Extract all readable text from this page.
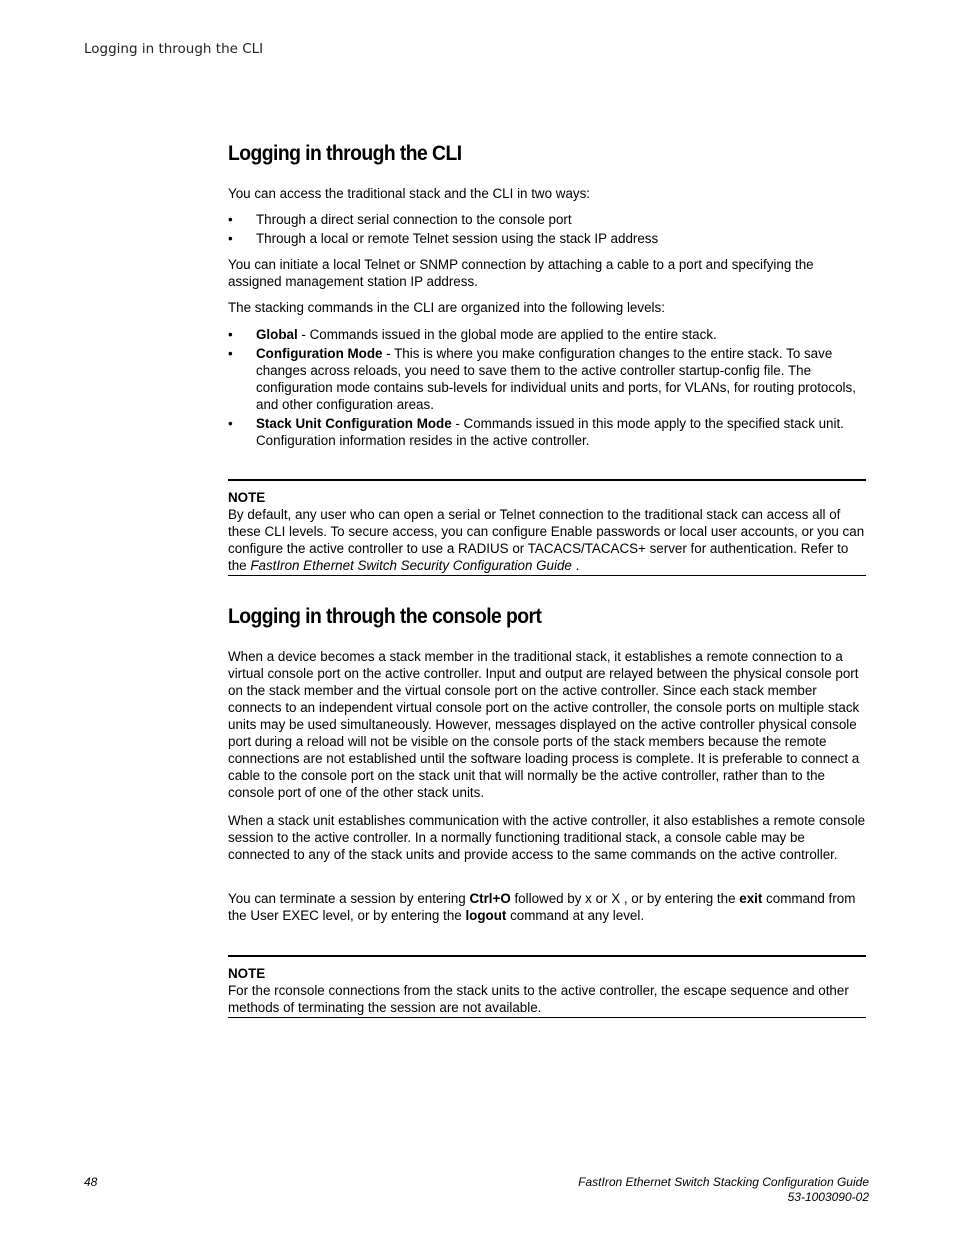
Logging in through the CLI
Logging in through the CLI

You can access the traditional stack and the CLI in two ways:

• Through a direct serial connection to the console port
• Through a local or remote Telnet session using the stack IP address

You can initiate a local Telnet or SNMP connection by attaching a cable to a port and specifying the assigned management station IP address.

The stacking commands in the CLI are organized into the following levels:

• Global - Commands issued in the global mode are applied to the entire stack.
• Configuration Mode - This is where you make configuration changes to the entire stack. To save changes across reloads, you need to save them to the active controller startup-config file. The configuration mode contains sub-levels for individual units and ports, for VLANs, for routing protocols, and other configuration areas.
• Stack Unit Configuration Mode - Commands issued in this mode apply to the specified stack unit. Configuration information resides in the active controller.
NOTE
By default, any user who can open a serial or Telnet connection to the traditional stack can access all of these CLI levels. To secure access, you can configure Enable passwords or local user accounts, or you can configure the active controller to use a RADIUS or TACACS/TACACS+ server for authentication. Refer to the FastIron Ethernet Switch Security Configuration Guide .
Logging in through the console port

When a device becomes a stack member in the traditional stack, it establishes a remote connection to a virtual console port on the active controller. Input and output are relayed between the physical console port on the stack member and the virtual console port on the active controller. Since each stack member connects to an independent virtual console port on the active controller, the console ports on multiple stack units may be used simultaneously. However, messages displayed on the active controller physical console port during a reload will not be visible on the console ports of the stack members because the remote connections are not established until the software loading process is complete. It is preferable to connect a cable to the console port on the stack unit that will normally be the active controller, rather than to the console port of one of the other stack units.

When a stack unit establishes communication with the active controller, it also establishes a remote console session to the active controller. In a normally functioning traditional stack, a console cable may be connected to any of the stack units and provide access to the same commands on the active controller.

You can terminate a session by entering Ctrl+O followed by x or X , or by entering the exit command from the User EXEC level, or by entering the logout command at any level.

NOTE
For the rconsole connections from the stack units to the active controller, the escape sequence and other methods of terminating the session are not available.
48	FastIron Ethernet Switch Stacking Configuration Guide
53-1003090-02
